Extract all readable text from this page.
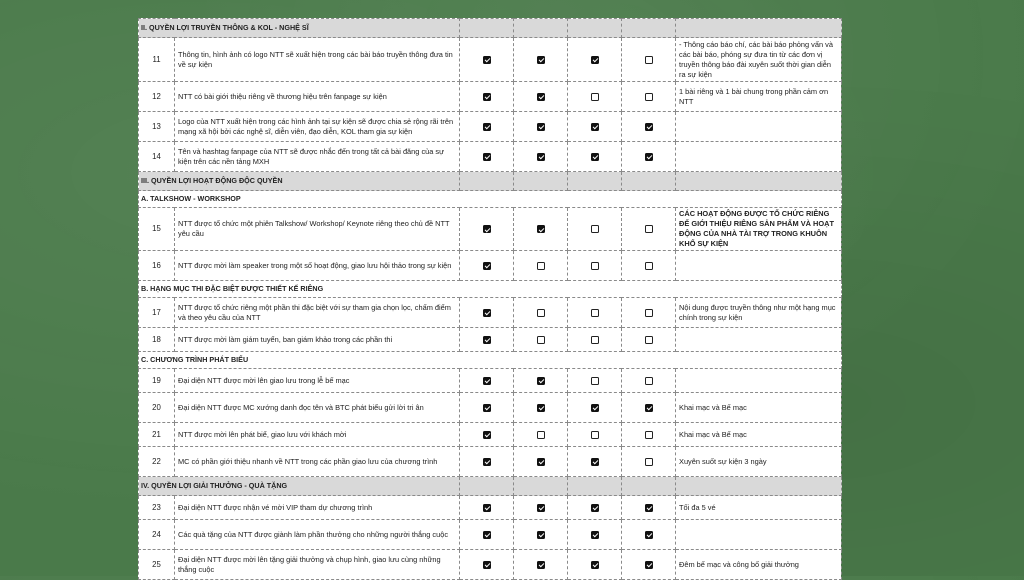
II. QUYỀN LỢI TRUYỀN THÔNG & KOL - NGHỆ SĨ						
11	Thông tin, hình ảnh có logo NTT sẽ xuất hiện trong các bài báo truyền thông đưa tin về sự kiện					- Thông cáo báo chí, các bài báo phỏng vấn và các bài báo, phóng sự đưa tin từ các đơn vị truyền thông báo đài xuyên suốt thời gian diễn ra sự kiện
12	NTT có bài giới thiệu riêng về thương hiệu trên fanpage sự kiện					1 bài riêng và 1 bài chung trong phần cảm ơn NTT
13	Logo của NTT xuất hiện trong các hình ảnh tại sự kiện sẽ được chia sẻ rộng rãi trên mạng xã hội bởi các nghệ sĩ, diễn viên, đạo diễn, KOL tham gia sự kiện					
14	Tên và hashtag fanpage của NTT sẽ được nhắc đến trong tất cả bài đăng của sự kiện trên các nền tảng MXH					
III. QUYỀN LỢI HOẠT ĐỘNG ĐỘC QUYỀN						
A. TALKSHOW - WORKSHOP						
15	NTT được tổ chức một phiên Talkshow/ Workshop/ Keynote riêng theo chủ đề NTT yêu cầu					CÁC HOẠT ĐỘNG ĐƯỢC TỔ CHỨC RIÊNG ĐỂ GIỚI THIỆU RIÊNG SẢN PHẨM VÀ HOẠT ĐỘNG CỦA NHÀ TÀI TRỢ TRONG KHUÔN KHỔ SỰ KIỆN
16	NTT được mời làm speaker trong một số hoạt động, giao lưu hội thảo trong sự kiện					
B. HẠNG MỤC THI ĐẶC BIỆT ĐƯỢC THIẾT KẾ RIÊNG						
17	NTT được tổ chức riêng một phần thi đặc biệt với sự tham gia chọn lọc, chấm điểm và theo yêu cầu của NTT					Nội dung được truyền thông như một hạng mục chính trong sự kiện
18	NTT được mời làm giám tuyển, ban giám khảo trong các phần thi					
C. CHƯƠNG TRÌNH PHÁT BIỂU						
19	Đại diện NTT được mời lên giao lưu trong lễ bế mạc					
20	Đại diện NTT được MC xướng danh đọc tên và BTC phát biểu gửi lời tri ân					Khai mạc và Bế mạc
21	NTT được mời lên phát biể, giao lưu với khách mời					Khai mạc và Bế mạc
22	MC có phần giới thiệu nhanh về NTT trong các phần giao lưu của chương trình					Xuyên suốt sự kiện 3 ngày
IV. QUYỀN LỢI GIẢI THƯỞNG - QUÀ TẶNG						
23	Đại diện NTT được nhận vé mời VIP tham dự chương trình					Tối đa 5 vé
24	Các quà tặng của NTT được giành làm phần thưởng cho những người thắng cuộc					
25	Đại diện NTT được mời lên tặng giải thưởng và chụp hình, giao lưu cùng những thắng cuộc					Đêm bế mạc và công bố giải thưởng
